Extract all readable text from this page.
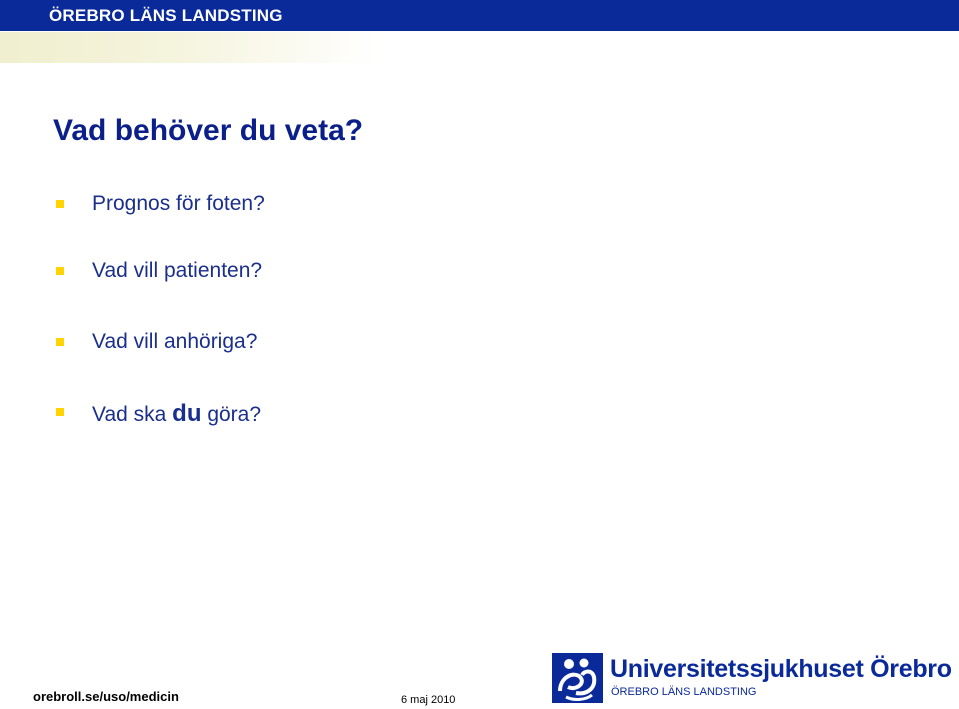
ÖREBRO LÄNS LANDSTING
Vad behöver du veta?
Prognos för foten?
Vad vill patienten?
Vad vill anhöriga?
Vad ska du göra?
orebroll.se/uso/medicin	6 maj 2010
Universitetssjukhuset Örebro
ÖREBRO LÄNS LANDSTING
